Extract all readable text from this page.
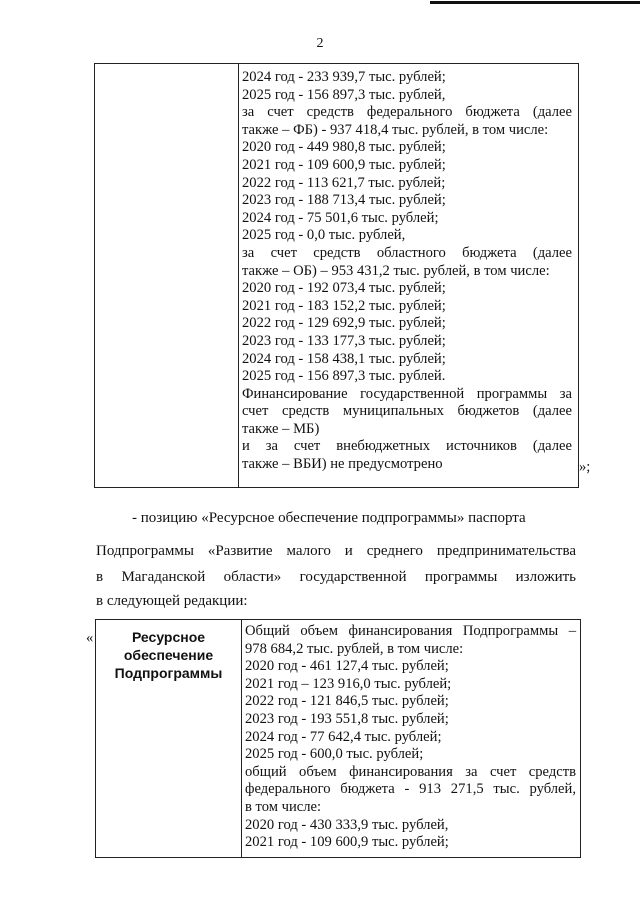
2
2024 год - 233 939,7 тыс. рублей;
2025 год - 156 897,3 тыс. рублей,
за счет средств федерального бюджета (далее
также – ФБ) - 937 418,4 тыс. рублей, в том числе:
2020 год - 449 980,8 тыс. рублей;
2021 год - 109 600,9 тыс. рублей;
2022 год - 113 621,7 тыс. рублей;
2023 год - 188 713,4 тыс. рублей;
2024 год - 75 501,6 тыс. рублей;
2025 год - 0,0 тыс. рублей,
за счет средств областного бюджета (далее
также – ОБ) – 953 431,2 тыс. рублей, в том числе:
2020 год - 192 073,4 тыс. рублей;
2021 год - 183 152,2 тыс. рублей;
2022 год - 129 692,9 тыс. рублей;
2023 год - 133 177,3 тыс. рублей;
2024 год - 158 438,1 тыс. рублей;
2025 год - 156 897,3 тыс. рублей.
Финансирование государственной программы за
счет средств муниципальных бюджетов (далее
также – МБ)
и за счет внебюджетных источников (далее
также – ВБИ) не предусмотрено	»;
- позицию «Ресурсное обеспечение подпрограммы» паспорта
Подпрограммы «Развитие малого и среднего предпринимательства
в Магаданской области» государственной программы изложить
в следующей редакции:
«	Ресурсное
обеспечение
Подпрограммы
Общий объем финансирования Подпрограммы –
978 684,2 тыс. рублей, в том числе:
2020 год - 461 127,4 тыс. рублей;
2021 год – 123 916,0 тыс. рублей;
2022 год - 121 846,5 тыс. рублей;
2023 год - 193 551,8 тыс. рублей;
2024 год - 77 642,4 тыс. рублей;
2025 год - 600,0 тыс. рублей;
общий объем финансирования за счет средств
федерального бюджета - 913 271,5 тыс. рублей,
в том числе:
2020 год - 430 333,9 тыс. рублей,
2021 год - 109 600,9 тыс. рублей;
